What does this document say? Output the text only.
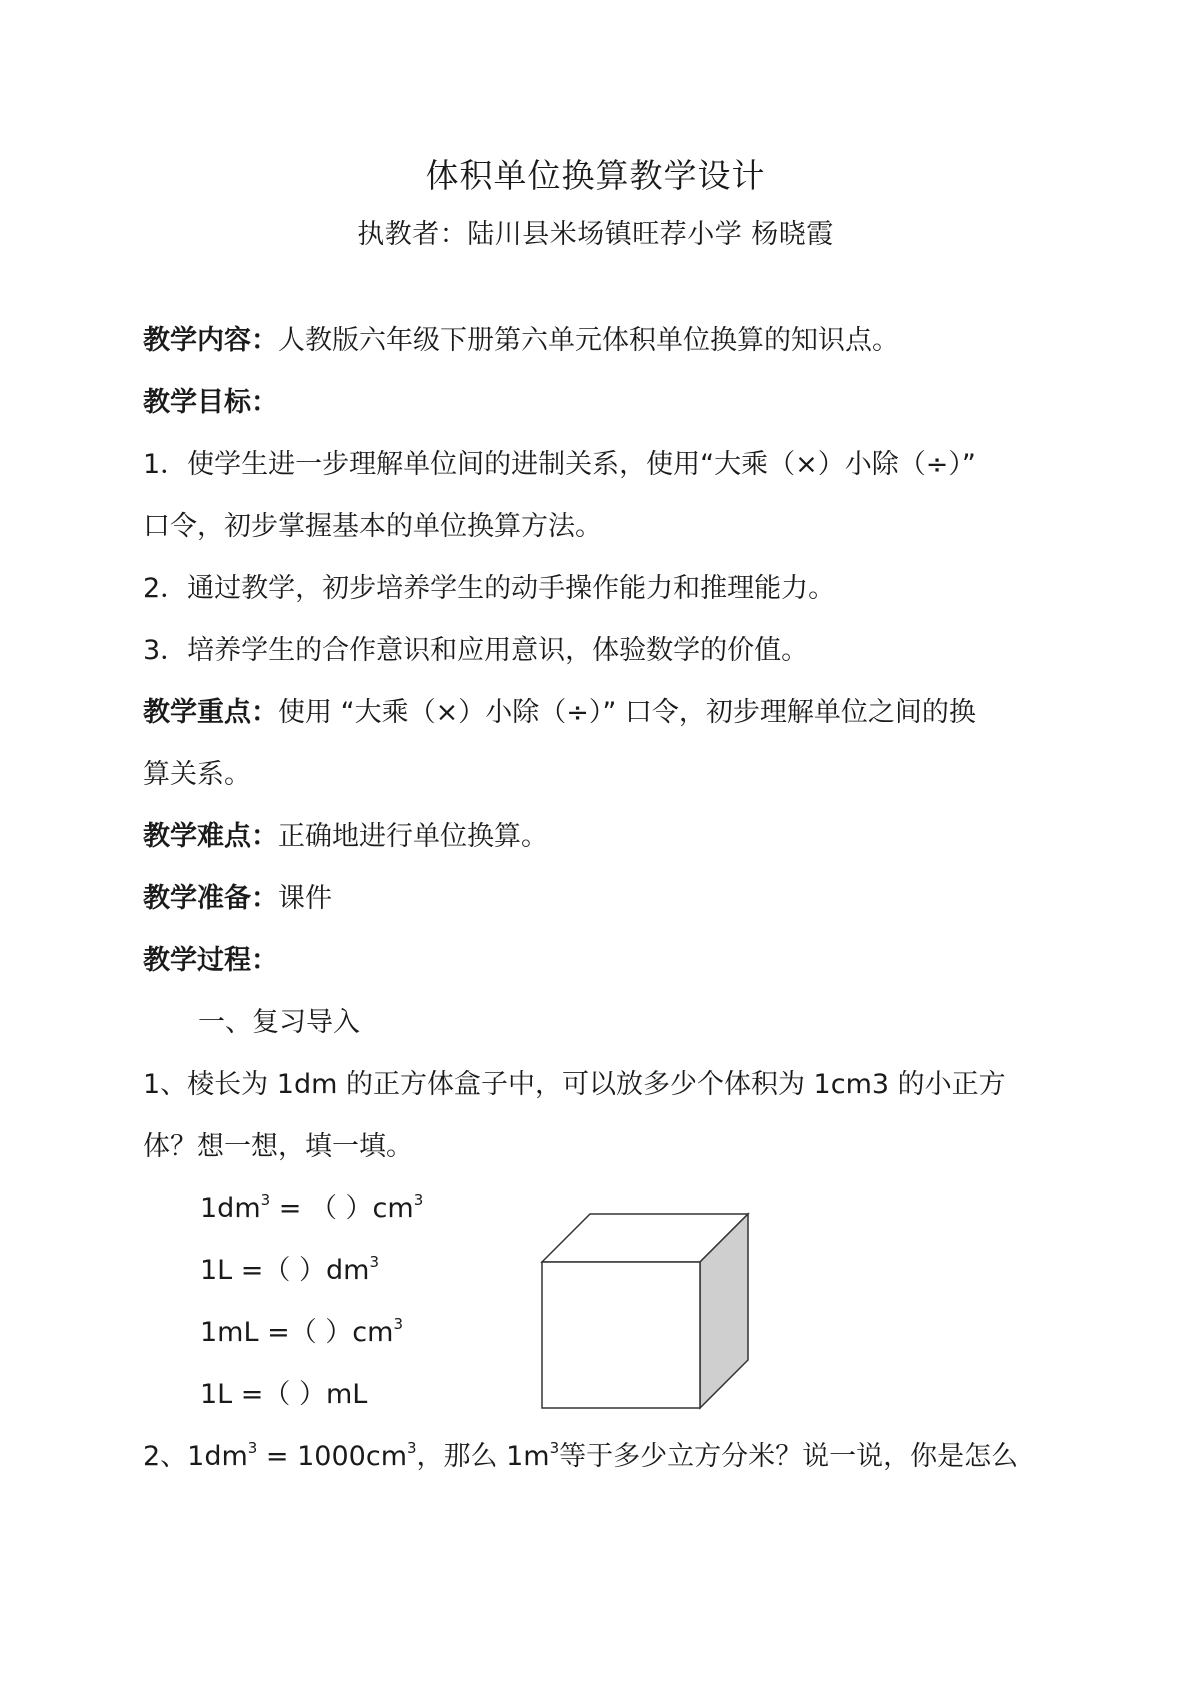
体积单位换算教学设计
执教者：陆川县米场镇旺荐小学 杨晓霞
教学内容：人教版六年级下册第六单元体积单位换算的知识点。
教学目标：
1．使学生进一步理解单位间的进制关系，使用“大乘（×）小除（÷）”
口令，初步掌握基本的单位换算方法。
2．通过教学，初步培养学生的动手操作能力和推理能力。
3．培养学生的合作意识和应用意识，体验数学的价值。
教学重点：使用 “大乘（×）小除（÷）” 口令，初步理解单位之间的换
算关系。
教学难点：正确地进行单位换算。
教学准备：课件
教学过程：
一、复习导入
1、棱长为 1dm 的正方体盒子中，可以放多少个体积为 1cm3 的小正方
体？想一想，填一填。
$1dm^3$ = （ ）$cm^3$
1L =（ ）$dm^3$
1mL =（ ）$cm^3$
1L =（ ）mL
2、$1dm^3 = 1000cm^3$，那么 $1m^3$等于多少立方分米？说一说，你是怎么
